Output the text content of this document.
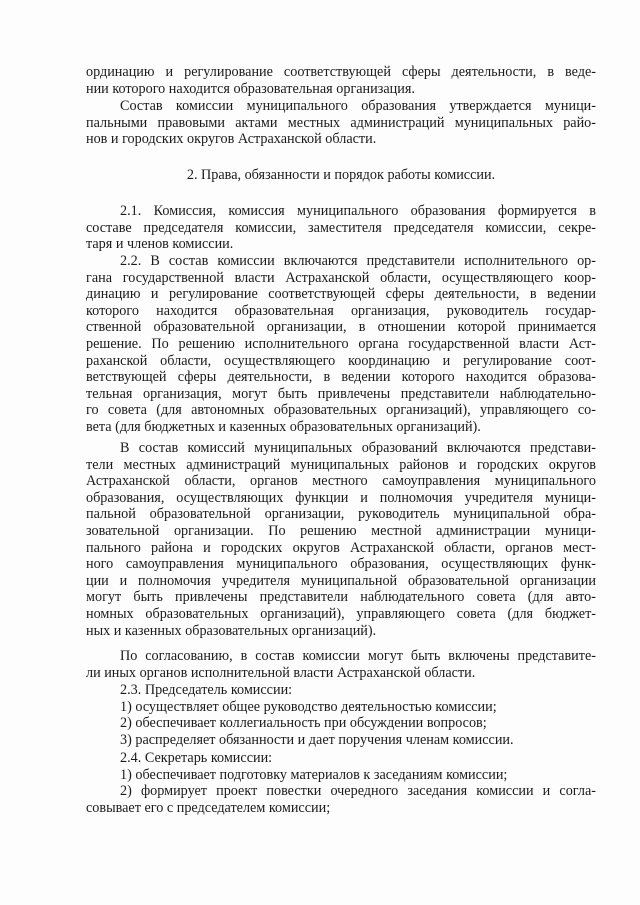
ординацию и регулирование соответствующей сферы деятельности, в веде-
нии которого находится образовательная организация.
Состав комиссии муниципального образования утверждается муници-
пальными правовыми актами местных администраций муниципальных райо-
нов и городских округов Астраханской области.

2. Права, обязанности и порядок работы комиссии.

2.1. Комиссия, комиссия муниципального образования формируется в
составе председателя комиссии, заместителя председателя комиссии, секре-
таря и членов комиссии.
2.2. В состав комиссии включаются представители исполнительного ор-
гана государственной власти Астраханской области, осуществляющего коор-
динацию и регулирование соответствующей сферы деятельности, в ведении
которого находится образовательная организация, руководитель государ-
ственной образовательной организации, в отношении которой принимается
решение. По решению исполнительного органа государственной власти Аст-
раханской области, осуществляющего координацию и регулирование соот-
ветствующей сферы деятельности, в ведении которого находится образова-
тельная организация, могут быть привлечены представители наблюдательно-
го совета (для автономных образовательных организаций), управляющего со-
вета (для бюджетных и казенных образовательных организаций).
В состав комиссий муниципальных образований включаются представи-
тели местных администраций муниципальных районов и городских округов
Астраханской области, органов местного самоуправления муниципального
образования, осуществляющих функции и полномочия учредителя муници-
пальной образовательной организации, руководитель муниципальной обра-
зовательной организации. По решению местной администрации муници-
пального района и городских округов Астраханской области, органов мест-
ного самоуправления муниципального образования, осуществляющих функ-
ции и полномочия учредителя муниципальной образовательной организации
могут быть привлечены представители наблюдательного совета (для авто-
номных образовательных организаций), управляющего совета (для бюджет-
ных и казенных образовательных организаций).
По согласованию, в состав комиссии могут быть включены представите-
ли иных органов исполнительной власти Астраханской области.
2.3. Председатель комиссии:
1) осуществляет общее руководство деятельностью комиссии;
2) обеспечивает коллегиальность при обсуждении вопросов;
3) распределяет обязанности и дает поручения членам комиссии.
2.4. Секретарь комиссии:
1) обеспечивает подготовку материалов к заседаниям комиссии;
2) формирует проект повестки очередного заседания комиссии и согла-
совывает его с председателем комиссии;
